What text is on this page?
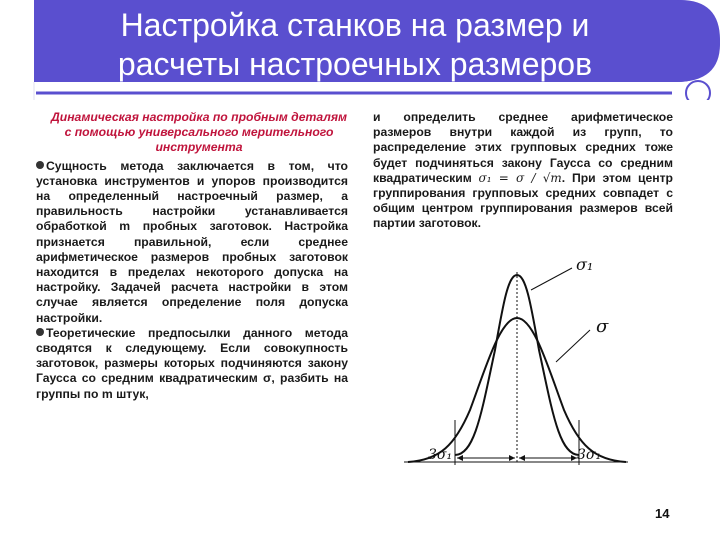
Настройка станков на размер и
расчеты настроечных размеров
Динамическая настройка по пробным деталям с помощью универсального мерительного инструмента

Сущность метода заключается в том, что установка инструментов и упоров производится на определенный настроечный размер, а правильность настройки устанавливается обработкой m пробных заготовок. Настройка признается правильной, если среднее арифметическое размеров пробных заготовок находится в пределах некоторого допуска на настройку. Задачей расчета настройки в этом случае является определение поля допуска настройки.

Теоретические предпосылки данного метода сводятся к следующему. Если совокупность заготовок, размеры которых подчиняются закону Гаусса со средним квадратическим σ, разбить на группы по m штук,

и определить среднее арифметическое размеров внутри каждой из групп, то распределение этих групповых средних тоже будет подчиняться закону Гаусса со средним квадратическим σ₁ = σ / √m. При этом центр группирования групповых средних совпадет с общим центром группирования размеров всей партии заготовок.
σ₁
σ
3σ₁	3σ₁
14
